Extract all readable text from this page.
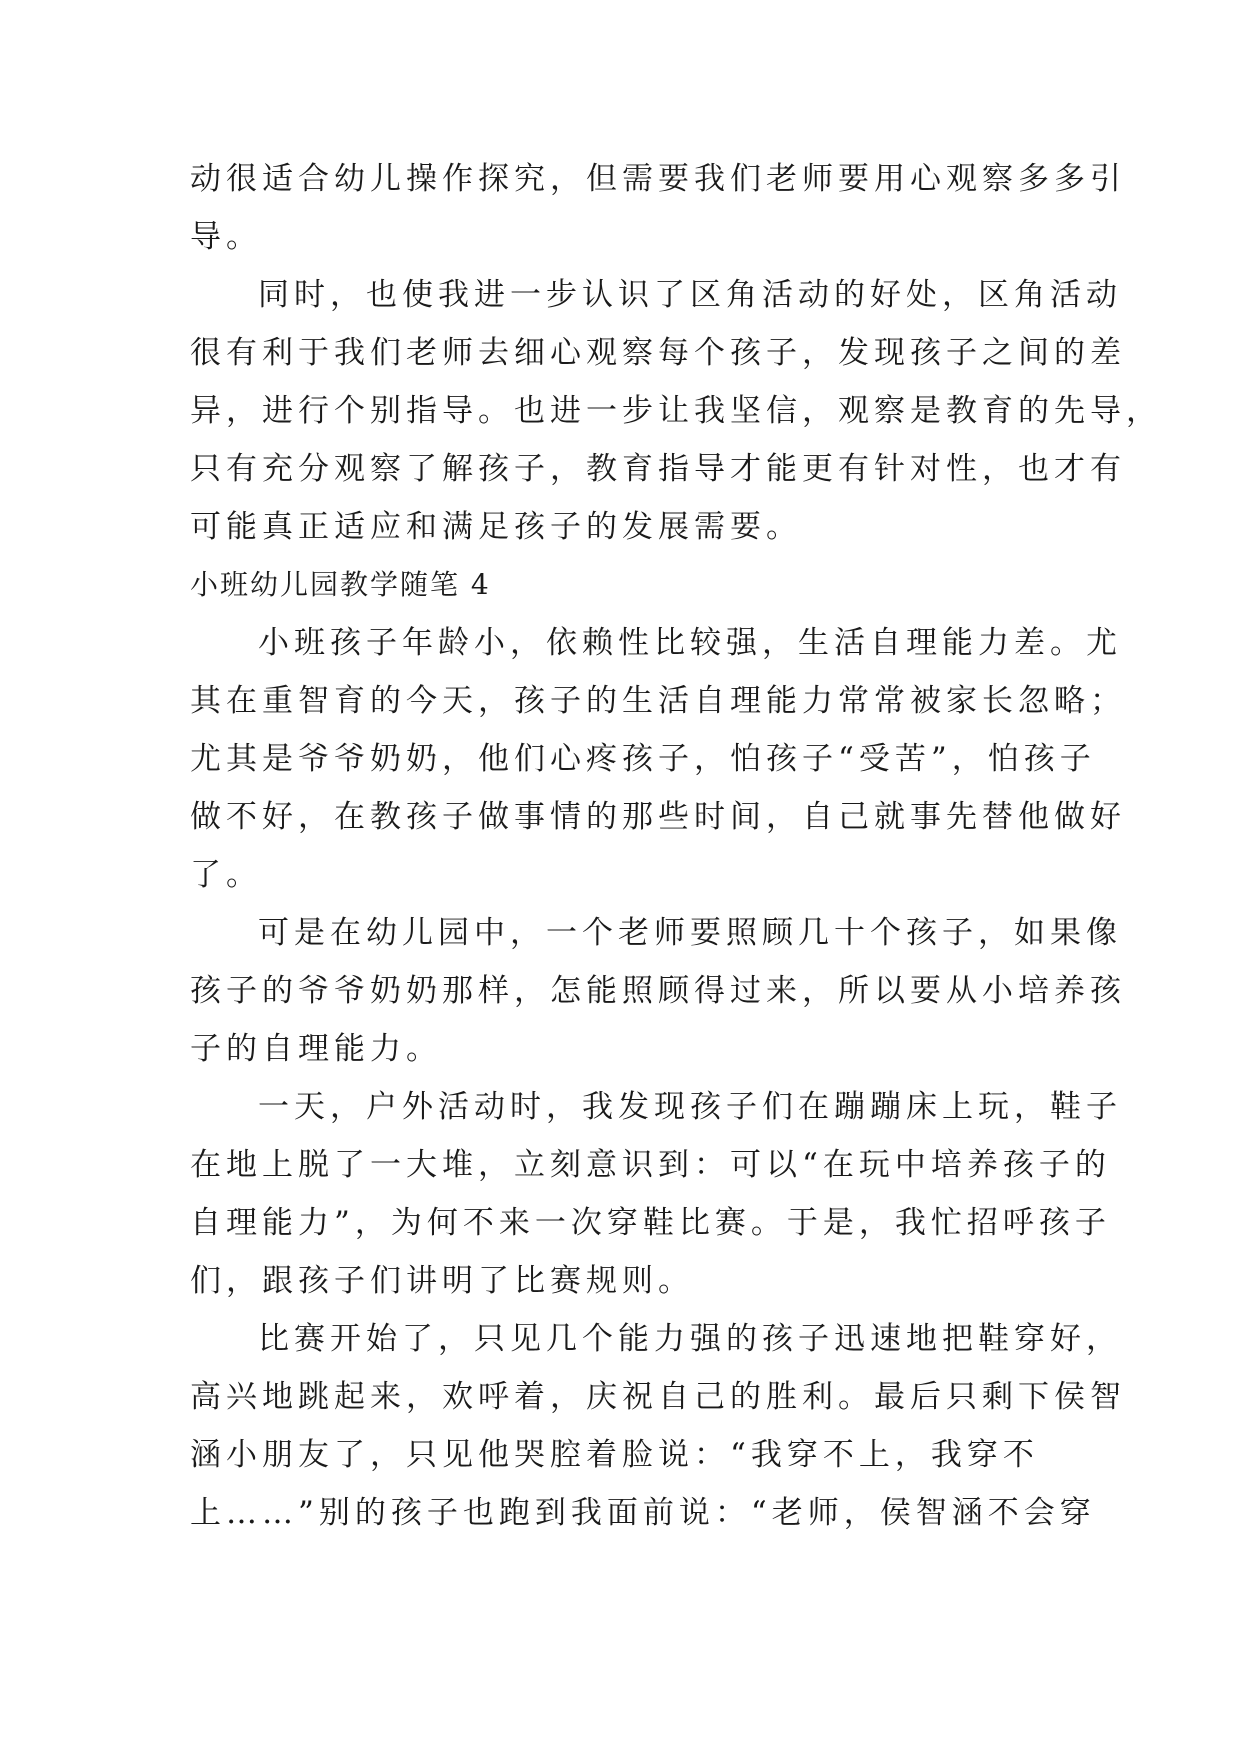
动很适合幼儿操作探究，但需要我们老师要用心观察多多引
导。
同时，也使我进一步认识了区角活动的好处，区角活动
很有利于我们老师去细心观察每个孩子，发现孩子之间的差
异，进行个别指导。也进一步让我坚信，观察是教育的先导，
只有充分观察了解孩子，教育指导才能更有针对性，也才有
可能真正适应和满足孩子的发展需要。
小班幼儿园教学随笔 4
小班孩子年龄小，依赖性比较强，生活自理能力差。尤
其在重智育的今天，孩子的生活自理能力常常被家长忽略；
尤其是爷爷奶奶，他们心疼孩子，怕孩子“受苦”，怕孩子
做不好，在教孩子做事情的那些时间，自己就事先替他做好
了。
可是在幼儿园中，一个老师要照顾几十个孩子，如果像
孩子的爷爷奶奶那样，怎能照顾得过来，所以要从小培养孩
子的自理能力。
一天，户外活动时，我发现孩子们在蹦蹦床上玩，鞋子
在地上脱了一大堆，立刻意识到：可以“在玩中培养孩子的
自理能力”，为何不来一次穿鞋比赛。于是，我忙招呼孩子
们，跟孩子们讲明了比赛规则。
比赛开始了，只见几个能力强的孩子迅速地把鞋穿好，
高兴地跳起来，欢呼着，庆祝自己的胜利。最后只剩下侯智
涵小朋友了，只见他哭腔着脸说：“我穿不上，我穿不
上……”别的孩子也跑到我面前说：“老师，侯智涵不会穿
